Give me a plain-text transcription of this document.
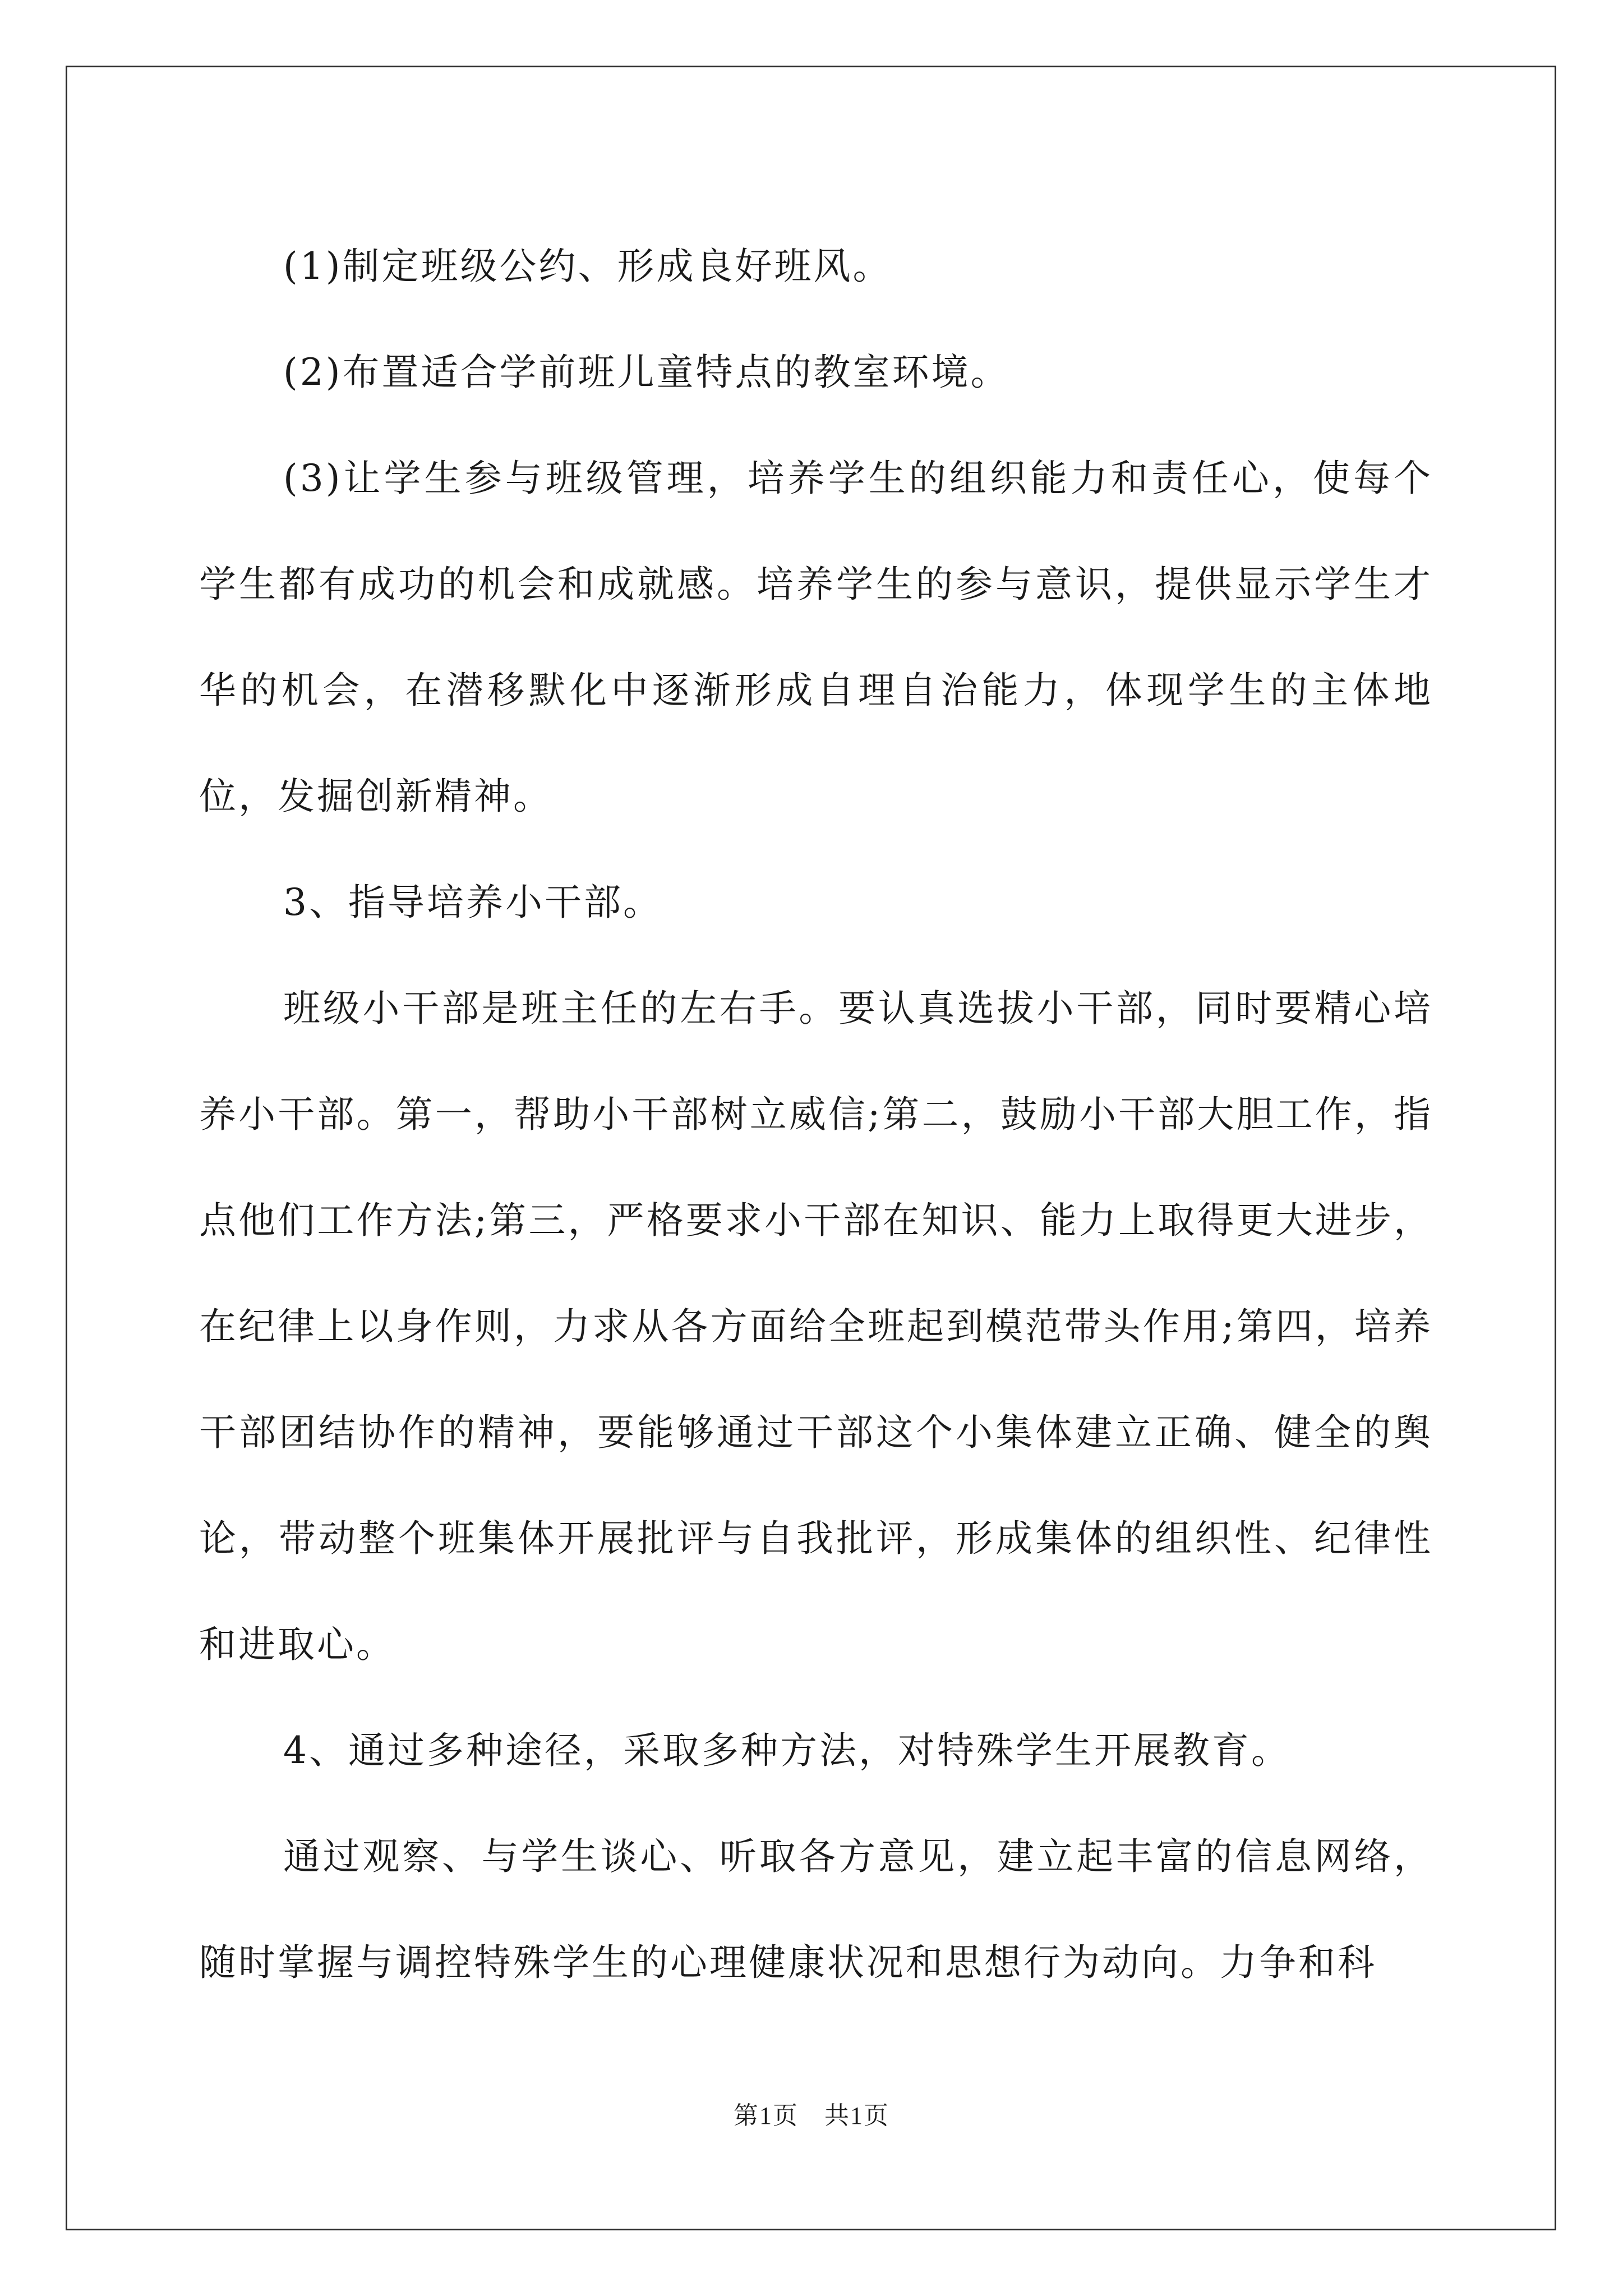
(1)制定班级公约、形成良好班风。

(2)布置适合学前班儿童特点的教室环境。

(3)让学生参与班级管理，培养学生的组织能力和责任心，使每个学生都有成功的机会和成就感。培养学生的参与意识，提供显示学生才华的机会，在潜移默化中逐渐形成自理自治能力，体现学生的主体地位，发掘创新精神。

3、指导培养小干部。

班级小干部是班主任的左右手。要认真选拔小干部，同时要精心培养小干部。第一，帮助小干部树立威信;第二，鼓励小干部大胆工作，指点他们工作方法;第三，严格要求小干部在知识、能力上取得更大进步，在纪律上以身作则，力求从各方面给全班起到模范带头作用;第四，培养干部团结协作的精神，要能够通过干部这个小集体建立正确、健全的舆论，带动整个班集体开展批评与自我批评，形成集体的组织性、纪律性和进取心。

4、通过多种途径，采取多种方法，对特殊学生开展教育。

通过观察、与学生谈心、听取各方意见，建立起丰富的信息网络，随时掌握与调控特殊学生的心理健康状况和思想行为动向。力争和科

第1页 共1页
